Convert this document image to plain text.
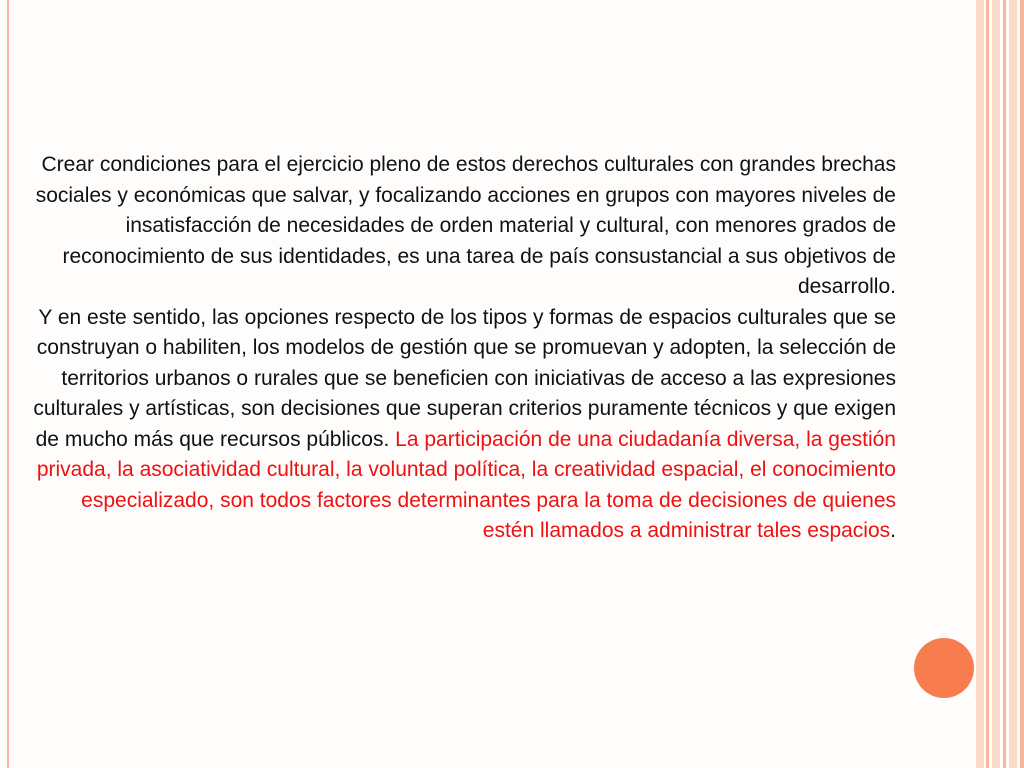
Crear condiciones para el ejercicio pleno de estos derechos culturales con grandes brechas sociales y económicas que salvar, y focalizando acciones en grupos con mayores niveles de insatisfacción de necesidades de orden material y cultural, con menores grados de reconocimiento de sus identidades, es una tarea de país consustancial a sus objetivos de desarrollo.

Y en este sentido, las opciones respecto de los tipos y formas de espacios culturales que se construyan o habiliten, los modelos de gestión que se promuevan y adopten, la selección de territorios urbanos o rurales que se beneficien con iniciativas de acceso a las expresiones culturales y artísticas, son decisiones que superan criterios puramente técnicos y que exigen de mucho más que recursos públicos. La participación de una ciudadanía diversa, la gestión privada, la asociatividad cultural, la voluntad política, la creatividad espacial, el conocimiento especializado, son todos factores determinantes para la toma de decisiones de quienes estén llamados a administrar tales espacios.
